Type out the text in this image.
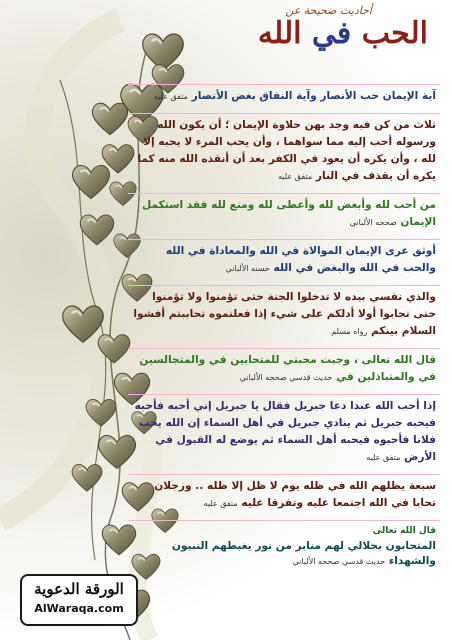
أحاديث صحيحة عن
الحب في الله
آية الإيمان حب الأنصار وآية النفاق بغض الأنصار متفق عليه
ثلاث من كن فيه وجد بهن حلاوة الإيمان ؛ أن يكون الله ورسوله أحب إليه مما سواهما ، وأن يحب المرء لا يحبه إلا لله ، وأن يكره أن يعود في الكفر بعد أن أنقذه الله منه كما يكره أن يقذف في النار متفق عليه
من أحب لله وأبغض لله وأعطى لله ومنع لله فقد استكمل الإيمان صححه الألباني
أوثق عرى الإيمان الموالاة في الله والمعاداة في الله والحب في الله والبغض في الله حسنه الألباني
والذي نفسي بيده لا تدخلوا الجنة حتى تؤمنوا ولا تؤمنوا حتى تحابوا أولا أدلكم على شيء إذا فعلتموه تحاببتم أفشوا السلام بينكم رواه مسلم
قال الله تعالى ، وجبت محبتي للمتحابين في والمتجالسين في والمتباذلين في حديث قدسي صححه الألباني
إذا أحب الله عبدا دعا جبريل فقال يا جبريل إني أحبه فأحبه فيحبه جبريل ثم ينادي جبريل في أهل السماء إن الله يحب فلانا فأحبوه فيحبه أهل السماء ثم يوضع له القبول في الأرض متفق عليه
سبعة يظلهم الله في ظله يوم لا ظل إلا ظله .. ورجلان تحابا في الله اجتمعا عليه وتفرقا عليه متفق عليه
قال الله تعالى
المتحابون بجلالي لهم منابر من نور يغبطهم النبيون والشهداء حديث قدسي صححه الألباني
الورقة الدعوية
AlWaraqa.com
